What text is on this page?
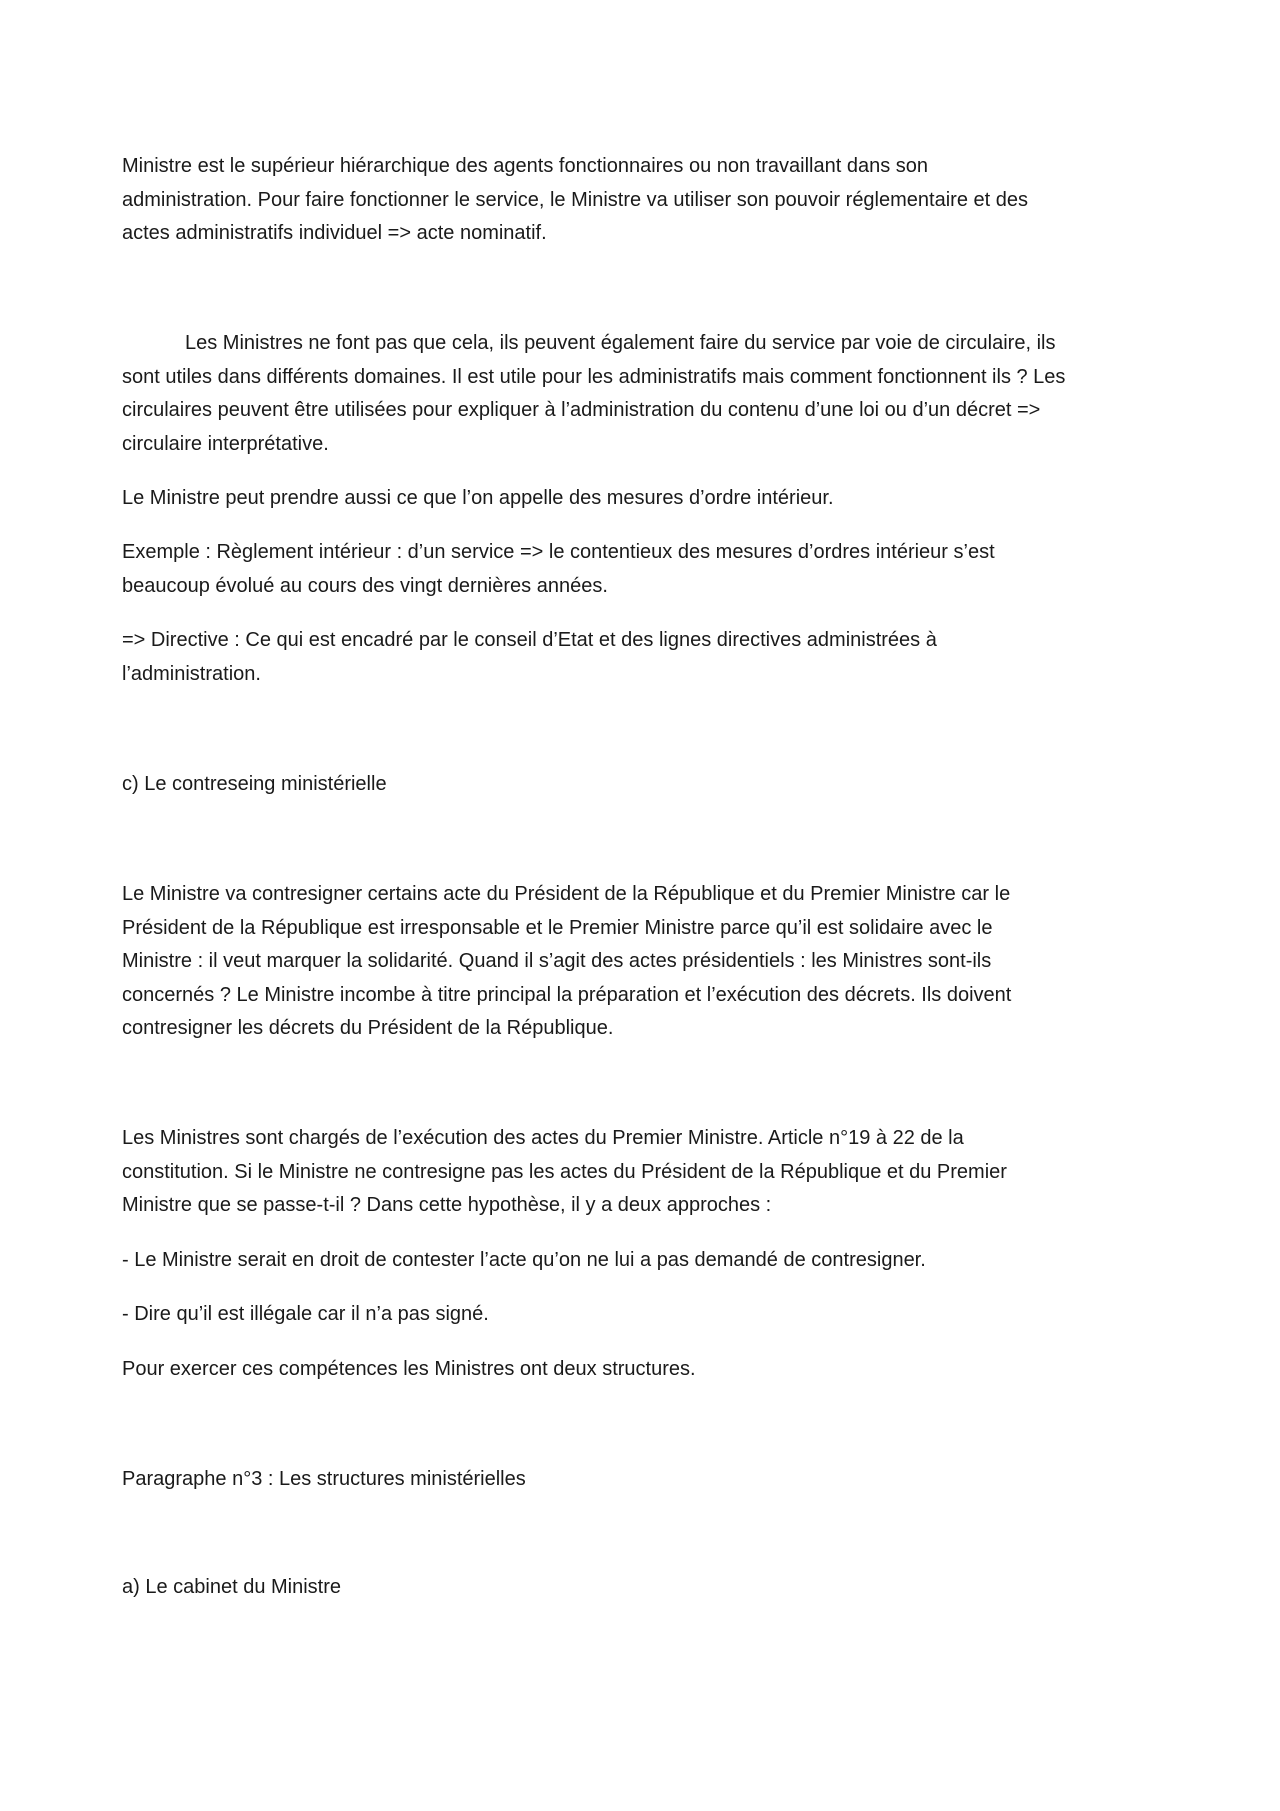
Ministre est le supérieur hiérarchique des agents fonctionnaires ou non travaillant dans son
administration. Pour faire fonctionner le service, le Ministre va utiliser son pouvoir réglementaire et des
actes administratifs individuel => acte nominatif.
Les Ministres ne font pas que cela, ils peuvent également faire du service par voie de circulaire, ils
sont utiles dans différents domaines. Il est utile pour les administratifs mais comment fonctionnent ils ? Les
circulaires peuvent être utilisées pour expliquer à l’administration du contenu d’une loi ou d’un décret =>
circulaire interprétative.
Le Ministre peut prendre aussi ce que l’on appelle des mesures d’ordre intérieur.
Exemple : Règlement intérieur : d’un service => le contentieux des mesures d’ordres intérieur s’est
beaucoup évolué au cours des vingt dernières années.
=> Directive : Ce qui est encadré par le conseil d’Etat et des lignes directives administrées à
l’administration.
c) Le contreseing ministérielle
Le Ministre va contresigner certains acte du Président de la République et du Premier Ministre car le
Président de la République est irresponsable et le Premier Ministre parce qu’il est solidaire avec le
Ministre : il veut marquer la solidarité. Quand il s’agit des actes présidentiels : les Ministres sont-ils
concernés ? Le Ministre incombe à titre principal la préparation et l’exécution des décrets. Ils doivent
contresigner les décrets du Président de la République.
Les Ministres sont chargés de l’exécution des actes du Premier Ministre. Article n°19 à 22 de la
constitution. Si le Ministre ne contresigne pas les actes du Président de la République et du Premier
Ministre que se passe-t-il ? Dans cette hypothèse, il y a deux approches :
- Le Ministre serait en droit de contester l’acte qu’on ne lui a pas demandé de contresigner.
- Dire qu’il est illégale car il n’a pas signé.
Pour exercer ces compétences les Ministres ont deux structures.
Paragraphe n°3 : Les structures ministérielles
a) Le cabinet du Ministre
